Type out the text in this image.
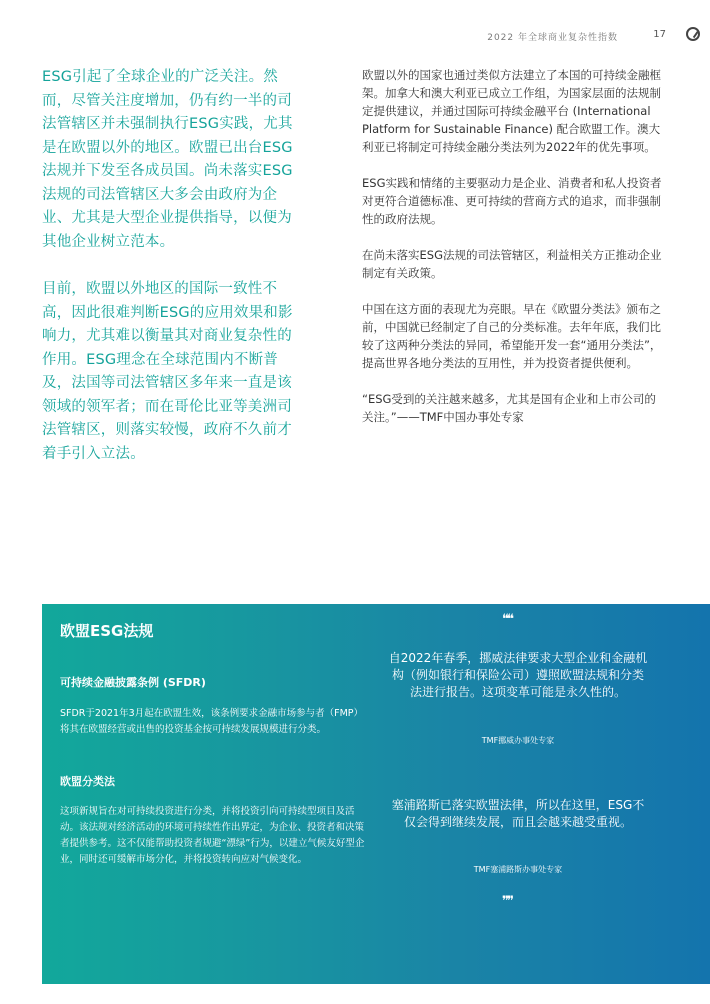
2022 年全球商业复杂性指数	17

ESG引起了全球企业的广泛关注。然而，尽管关注度增加，仍有约一半的司法管辖区并未强制执行ESG实践，尤其是在欧盟以外的地区。欧盟已出台ESG法规并下发至各成员国。尚未落实ESG法规的司法管辖区大多会由政府为企业、尤其是大型企业提供指导，以便为其他企业树立范本。

目前，欧盟以外地区的国际一致性不高，因此很难判断ESG的应用效果和影响力，尤其难以衡量其对商业复杂性的作用。ESG理念在全球范围内不断普及，法国等司法管辖区多年来一直是该领域的领军者；而在哥伦比亚等美洲司法管辖区，则落实较慢，政府不久前才着手引入立法。

欧盟以外的国家也通过类似方法建立了本国的可持续金融框架。加拿大和澳大利亚已成立工作组，为国家层面的法规制定提供建议，并通过国际可持续金融平台 (International Platform for Sustainable Finance) 配合欧盟工作。澳大利亚已将制定可持续金融分类法列为2022年的优先事项。

ESG实践和情绪的主要驱动力是企业、消费者和私人投资者对更符合道德标准、更可持续的营商方式的追求，而非强制性的政府法规。

在尚未落实ESG法规的司法管辖区，利益相关方正推动企业制定有关政策。

中国在这方面的表现尤为亮眼。早在《欧盟分类法》颁布之前，中国就已经制定了自己的分类标准。去年年底，我们比较了这两种分类法的异同，希望能开发一套“通用分类法”，提高世界各地分类法的互用性，并为投资者提供便利。

“ESG受到的关注越来越多，尤其是国有企业和上市公司的关注。”——TMF中国办事处专家

欧盟ESG法规
可持续金融披露条例 (SFDR)
SFDR于2021年3月起在欧盟生效，该条例要求金融市场参与者（FMP）将其在欧盟经营或出售的投资基金按可持续发展规模进行分类。
欧盟分类法
这项新规旨在对可持续投资进行分类，并将投资引向可持续型项目及活动。该法规对经济活动的环境可持续性作出界定，为企业、投资者和决策者提供参考。这不仅能帮助投资者规避“漂绿”行为，以建立气候友好型企业，同时还可缓解市场分化，并将投资转向应对气候变化。
❝❝
自2022年春季，挪威法律要求大型企业和金融机构（例如银行和保险公司）遵照欧盟法规和分类法进行报告。这项变革可能是永久性的。
TMF挪威办事处专家
塞浦路斯已落实欧盟法律，所以在这里，ESG不仅会得到继续发展，而且会越来越受重视。
TMF塞浦路斯办事处专家
❞❞
